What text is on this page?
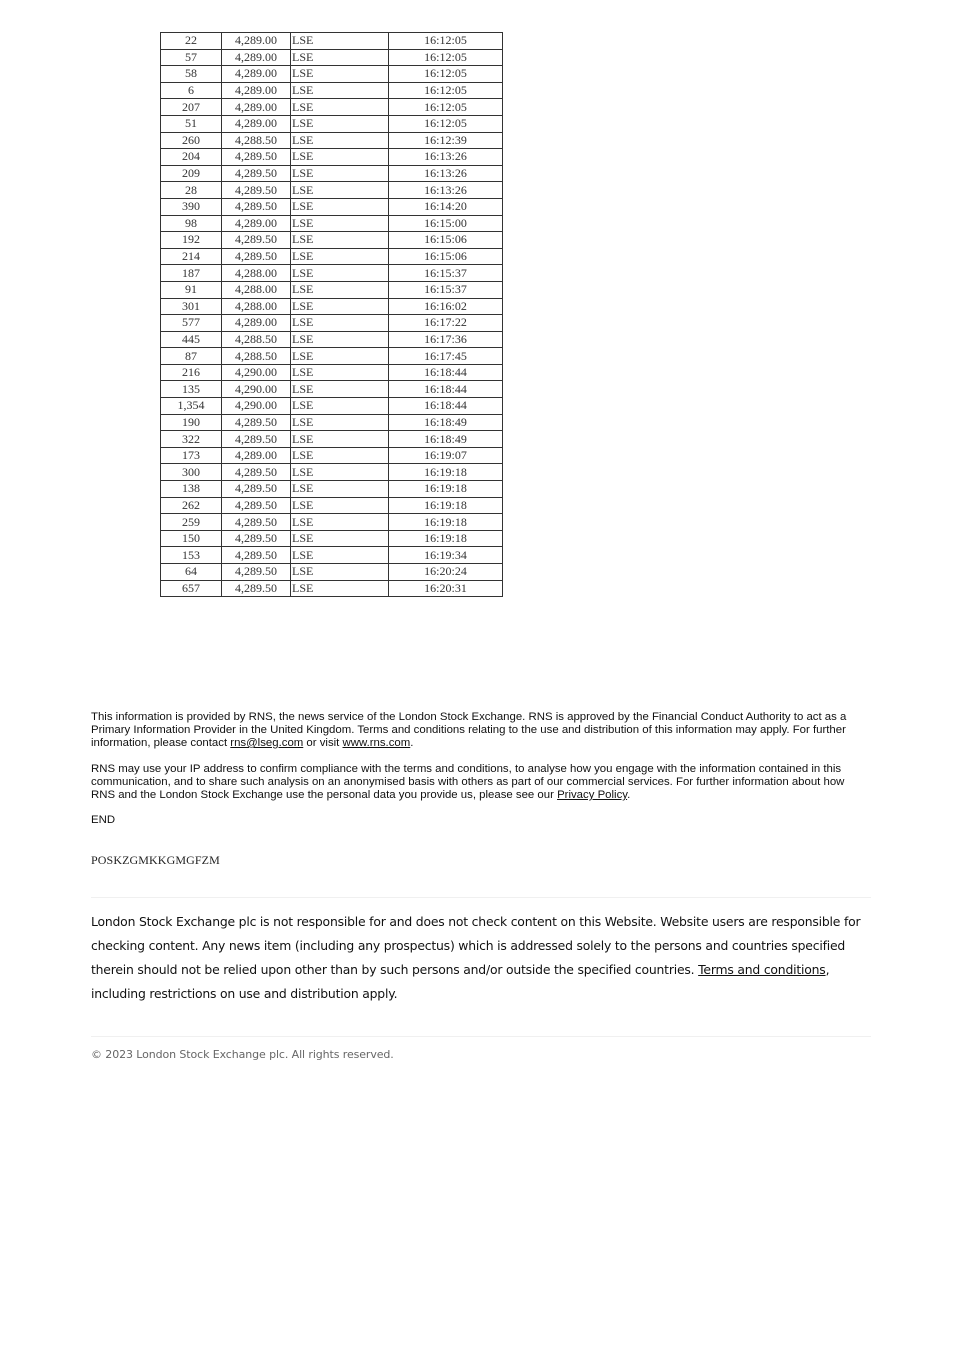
22	4,289.00	LSE	16:12:05
57	4,289.00	LSE	16:12:05
58	4,289.00	LSE	16:12:05
6	4,289.00	LSE	16:12:05
207	4,289.00	LSE	16:12:05
51	4,289.00	LSE	16:12:05
260	4,288.50	LSE	16:12:39
204	4,289.50	LSE	16:13:26
209	4,289.50	LSE	16:13:26
28	4,289.50	LSE	16:13:26
390	4,289.50	LSE	16:14:20
98	4,289.00	LSE	16:15:00
192	4,289.50	LSE	16:15:06
214	4,289.50	LSE	16:15:06
187	4,288.00	LSE	16:15:37
91	4,288.00	LSE	16:15:37
301	4,288.00	LSE	16:16:02
577	4,289.00	LSE	16:17:22
445	4,288.50	LSE	16:17:36
87	4,288.50	LSE	16:17:45
216	4,290.00	LSE	16:18:44
135	4,290.00	LSE	16:18:44
1,354	4,290.00	LSE	16:18:44
190	4,289.50	LSE	16:18:49
322	4,289.50	LSE	16:18:49
173	4,289.00	LSE	16:19:07
300	4,289.50	LSE	16:19:18
138	4,289.50	LSE	16:19:18
262	4,289.50	LSE	16:19:18
259	4,289.50	LSE	16:19:18
150	4,289.50	LSE	16:19:18
153	4,289.50	LSE	16:19:34
64	4,289.50	LSE	16:20:24
657	4,289.50	LSE	16:20:31

This information is provided by RNS, the news service of the London Stock Exchange. RNS is approved by the Financial Conduct Authority to act as a Primary Information Provider in the United Kingdom. Terms and conditions relating to the use and distribution of this information may apply. For further information, please contact rns@lseg.com or visit www.rns.com.

RNS may use your IP address to confirm compliance with the terms and conditions, to analyse how you engage with the information contained in this communication, and to share such analysis on an anonymised basis with others as part of our commercial services. For further information about how RNS and the London Stock Exchange use the personal data you provide us, please see our Privacy Policy.

END

POSKZGMKKGMGFZM

London Stock Exchange plc is not responsible for and does not check content on this Website. Website users are responsible for checking content. Any news item (including any prospectus) which is addressed solely to the persons and countries specified therein should not be relied upon other than by such persons and/or outside the specified countries. Terms and conditions, including restrictions on use and distribution apply.

© 2023 London Stock Exchange plc. All rights reserved.
